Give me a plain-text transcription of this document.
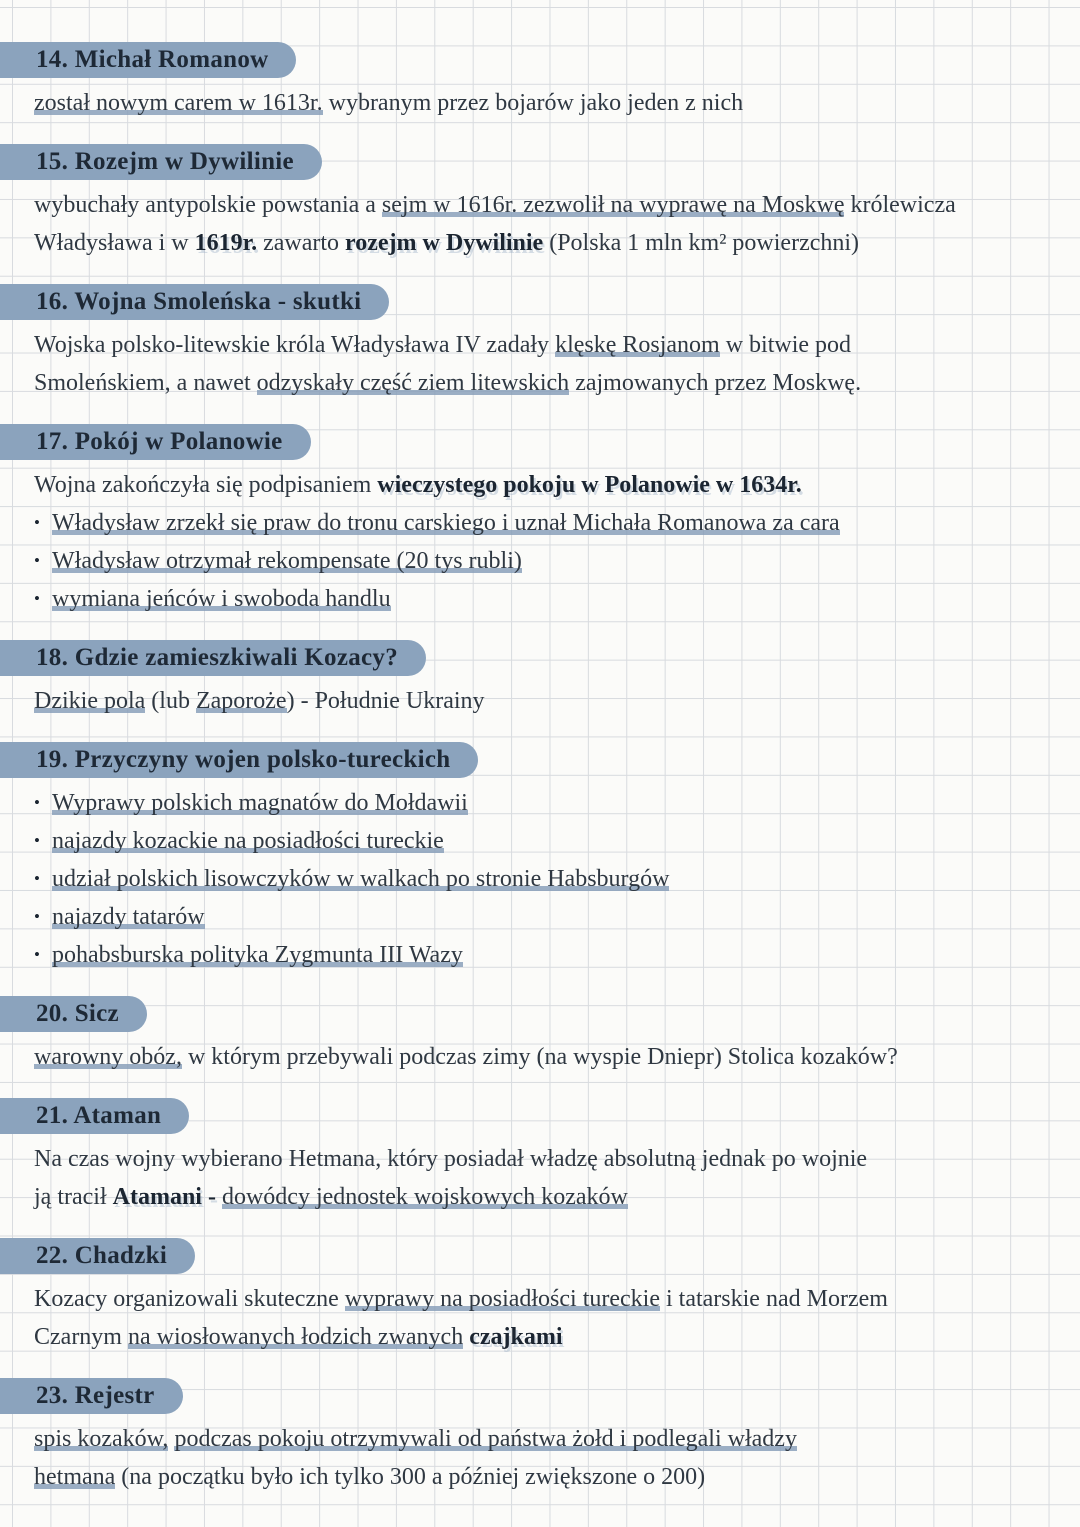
14. Michał Romanow

został nowym carem w 1613r. wybranym przez bojarów jako jeden z nich

15. Rozejm w Dywilinie

wybuchały antypolskie powstania a sejm w 1616r. zezwolił na wyprawę na Moskwę królewicza

Władysława i w 1619r. zawarto rozejm w Dywilinie (Polska 1 mln km² powierzchni)

16. Wojna Smoleńska - skutki

Wojska polsko-litewskie króla Władysława IV zadały klęskę Rosjanom w bitwie pod

Smoleńskiem, a nawet odzyskały część ziem litewskich zajmowanych przez Moskwę.

17. Pokój w Polanowie

Wojna zakończyła się podpisaniem wieczystego pokoju w Polanowie w 1634r.

• Władysław zrzekł się praw do tronu carskiego i uznał Michała Romanowa za cara

• Władysław otrzymał rekompensate (20 tys rubli)

• wymiana jeńców i swoboda handlu

18. Gdzie zamieszkiwali Kozacy?

Dzikie pola (lub Zaporoże) - Południe Ukrainy

19. Przyczyny wojen polsko-tureckich

• Wyprawy polskich magnatów do Mołdawii

• najazdy kozackie na posiadłości tureckie

• udział polskich lisowczyków w walkach po stronie Habsburgów

• najazdy tatarów

• pohabsburska polityka Zygmunta III Wazy

20. Sicz

warowny obóz, w którym przebywali podczas zimy (na wyspie Dniepr) Stolica kozaków?

21. Ataman

Na czas wojny wybierano Hetmana, który posiadał władzę absolutną jednak po wojnie

ją tracił Atamani - dowódcy jednostek wojskowych kozaków

22. Chadzki

Kozacy organizowali skuteczne wyprawy na posiadłości tureckie i tatarskie nad Morzem

Czarnym na wiosłowanych łodzich zwanych czajkami

23. Rejestr

spis kozaków, podczas pokoju otrzymywali od państwa żołd i podlegali władzy

hetmana (na początku było ich tylko 300 a później zwiększone o 200)
